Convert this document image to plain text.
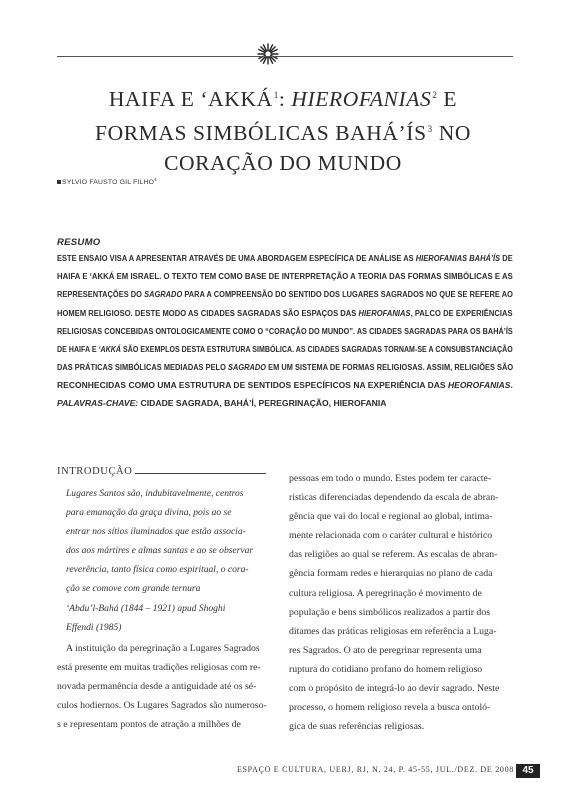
HAIFA E ‘AKKÁ$^1$: HIEROFANIAS$^2$ E
FORMAS SIMBÓLICAS $BAHÁ’ÍS^3$ NO
CORAÇÃO DO MUNDO
SYLVIO FAUSTO GIL FILHO$^4$
RESUMO
ESTE ENSAIO VISA A APRESENTAR ATRAVÉS DE UMA ABORDAGEM ESPECÍFICA DE ANÁLISE AS HIEROFANIAS BAHÁ’ÍS DE
HAIFA E ‘AKKÁ EM ISRAEL. O TEXTO TEM COMO BASE DE INTERPRETAÇÃO A TEORIA DAS FORMAS SIMBÓLICAS E AS
REPRESENTAÇÕES DO SAGRADO PARA A COMPREENSÃO DO SENTIDO DOS LUGARES SAGRADOS NO QUE SE REFERE AO
HOMEM RELIGIOSO. DESTE MODO AS CIDADES SAGRADAS SÃO ESPAÇOS DAS HIEROFANIAS, PALCO DE EXPERIÊNCIAS
RELIGIOSAS CONCEBIDAS ONTOLOGICAMENTE COMO O “CORAÇÃO DO MUNDO”. AS CIDADES SAGRADAS PARA OS BAHÁ’ÍS
DE HAIFA E ‘AKKÁ SÃO EXEMPLOS DESTA ESTRUTURA SIMBÓLICA. AS CIDADES SAGRADAS TORNAM-SE A CONSUBSTANCIAÇÃO
DAS PRÁTICAS SIMBÓLICAS MEDIADAS PELO SAGRADO EM UM SISTEMA DE FORMAS RELIGIOSAS. ASSIM, RELIGIÕES SÃO
RECONHECIDAS COMO UMA ESTRUTURA DE SENTIDOS ESPECÍFICOS NA EXPERIÊNCIA DAS HEOROFANIAS.
PALAVRAS-CHAVE: CIDADE SAGRADA, BAHÁ’Í, PEREGRINAÇÃO, HIEROFANIA
INTRODUÇÃO
Lugares Santos são, indubitavelmente, centros
para emanação da graça divina, pois ao se
entrar nos sítios iluminados que estão associa-
dos aos mártires e almas santas e ao se observar
reverência, tanto física como espiritual, o cora-
ção se comove com grande ternura
‘Abdu’l-Bahá (1844 – 1921) apud Shoghi
Effendi (1985)
A instituição da peregrinação a Lugares Sagrados
está presente em muitas tradições religiosas com re-
novada permanência desde a antiguidade até os sé-
culos hodiernos. Os Lugares Sagrados são numeroso-
s e representam pontos de atração a milhões de
pessoas em todo o mundo. Estes podem ter caracte-
rísticas diferenciadas dependendo da escala de abran-
gência que vai do local e regional ao global, intima-
mente relacionada com o caráter cultural e histórico
das religiões ao qual se referem. As escalas de abran-
gência formam redes e hierarquias no plano de cada
cultura religiosa. A peregrinação é movimento de
população e bens simbólicos realizados a partir dos
ditames das práticas religiosas em referência a Luga-
res Sagrados. O ato de peregrinar representa uma
ruptura do cotidiano profano do homem religioso
com o propósito de integrá-lo ao devir sagrado. Neste
processo, o homem religioso revela a busca ontoló-
gica de suas referências religiosas.
ESPAÇO E CULTURA, UERJ, RJ, N. 24, P. 45-55, JUL./DEZ. DE 2008 45
